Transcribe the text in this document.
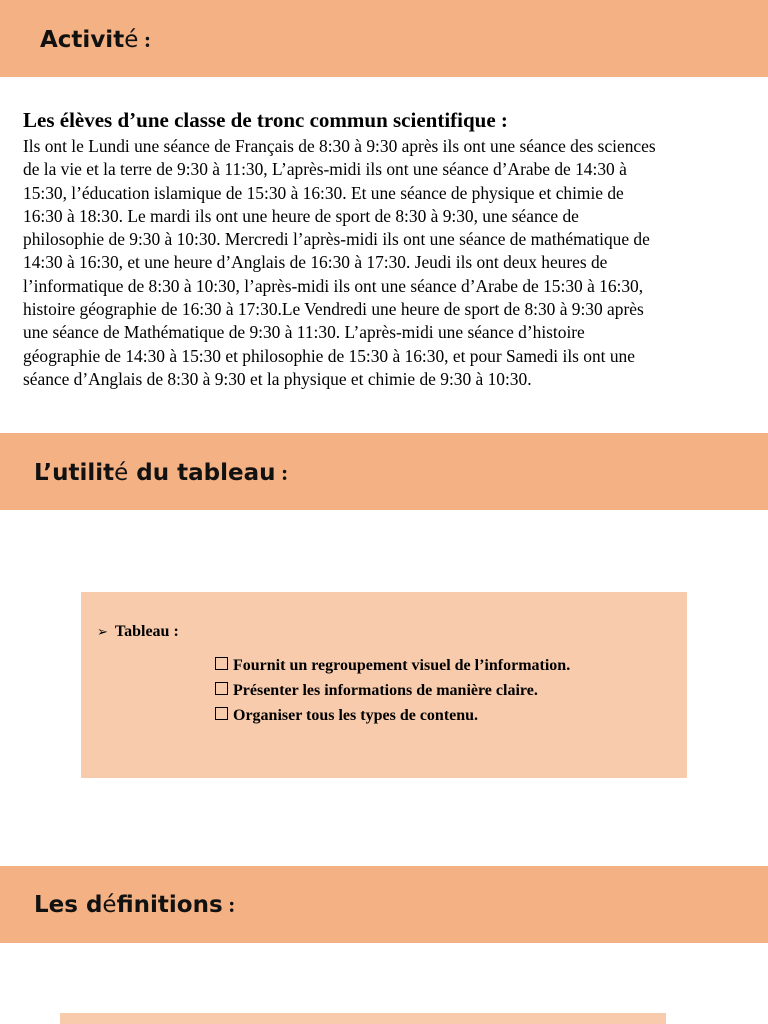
Activité :
Les élèves d’une classe de tronc commun scientifique :
Ils ont le Lundi une séance de Français de 8:30 à 9:30 après ils ont une séance des sciences
de la vie et la terre de 9:30 à 11:30, L’après-midi ils ont une séance d’Arabe de 14:30 à
15:30, l’éducation islamique de 15:30 à 16:30. Et une séance de physique et chimie de
16:30 à 18:30. Le mardi ils ont une heure de sport de 8:30 à 9:30, une séance de
philosophie de 9:30 à 10:30. Mercredi l’après-midi ils ont une séance de mathématique de
14:30 à 16:30, et une heure d’Anglais de 16:30 à 17:30. Jeudi ils ont deux heures de
l’informatique de 8:30 à 10:30, l’après-midi ils ont une séance d’Arabe de 15:30 à 16:30,
histoire géographie de 16:30 à 17:30.Le Vendredi une heure de sport de 8:30 à 9:30 après
une séance de Mathématique de 9:30 à 11:30. L’après-midi une séance d’histoire
géographie de 14:30 à 15:30 et philosophie de 15:30 à 16:30, et pour Samedi ils ont une
séance d’Anglais de 8:30 à 9:30 et la physique et chimie de 9:30 à 10:30.
L’utilité du tableau :
➢ Tableau :
Fournit un regroupement visuel de l’information.
Présenter les informations de manière claire.
Organiser tous les types de contenu.
Les définitions :
